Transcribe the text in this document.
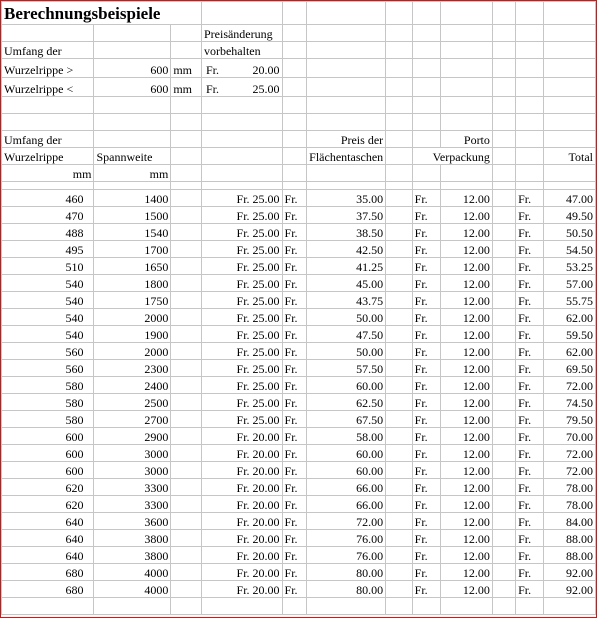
Berechnungsbeispiele											
			Preisänderung								
Umfang der			vorbehalten								
Wurzelrippe >	600	mm	Fr. 20.00								

Wurzelrippe <	600	mm	Fr. 25.00								

Umfang der					Preis der			Porto			
Wurzelrippe	Spannweite				Flächentaschen		Verpackung				Total
mm	mm										

460	1400		Fr. 25.00	Fr.	35.00		Fr.	12.00		Fr.	47.00
470	1500		Fr. 25.00	Fr.	37.50		Fr.	12.00		Fr.	49.50
488	1540		Fr. 25.00	Fr.	38.50		Fr.	12.00		Fr.	50.50
495	1700		Fr. 25.00	Fr.	42.50		Fr.	12.00		Fr.	54.50
510	1650		Fr. 25.00	Fr.	41.25		Fr.	12.00		Fr.	53.25
540	1800		Fr. 25.00	Fr.	45.00		Fr.	12.00		Fr.	57.00
540	1750		Fr. 25.00	Fr.	43.75		Fr.	12.00		Fr.	55.75
540	2000		Fr. 25.00	Fr.	50.00		Fr.	12.00		Fr.	62.00
540	1900		Fr. 25.00	Fr.	47.50		Fr.	12.00		Fr.	59.50
560	2000		Fr. 25.00	Fr.	50.00		Fr.	12.00		Fr.	62.00
560	2300		Fr. 25.00	Fr.	57.50		Fr.	12.00		Fr.	69.50
580	2400		Fr. 25.00	Fr.	60.00		Fr.	12.00		Fr.	72.00
580	2500		Fr. 25.00	Fr.	62.50		Fr.	12.00		Fr.	74.50
580	2700		Fr. 25.00	Fr.	67.50		Fr.	12.00		Fr.	79.50
600	2900		Fr. 20.00	Fr.	58.00		Fr.	12.00		Fr.	70.00
600	3000		Fr. 20.00	Fr.	60.00		Fr.	12.00		Fr.	72.00
600	3000		Fr. 20.00	Fr.	60.00		Fr.	12.00		Fr.	72.00
620	3300		Fr. 20.00	Fr.	66.00		Fr.	12.00		Fr.	78.00
620	3300		Fr. 20.00	Fr.	66.00		Fr.	12.00		Fr.	78.00
640	3600		Fr. 20.00	Fr.	72.00		Fr.	12.00		Fr.	84.00
640	3800		Fr. 20.00	Fr.	76.00		Fr.	12.00		Fr.	88.00
640	3800		Fr. 20.00	Fr.	76.00		Fr.	12.00		Fr.	88.00
680	4000		Fr. 20.00	Fr.	80.00		Fr.	12.00		Fr.	92.00
680	4000		Fr. 20.00	Fr.	80.00		Fr.	12.00		Fr.	92.00
